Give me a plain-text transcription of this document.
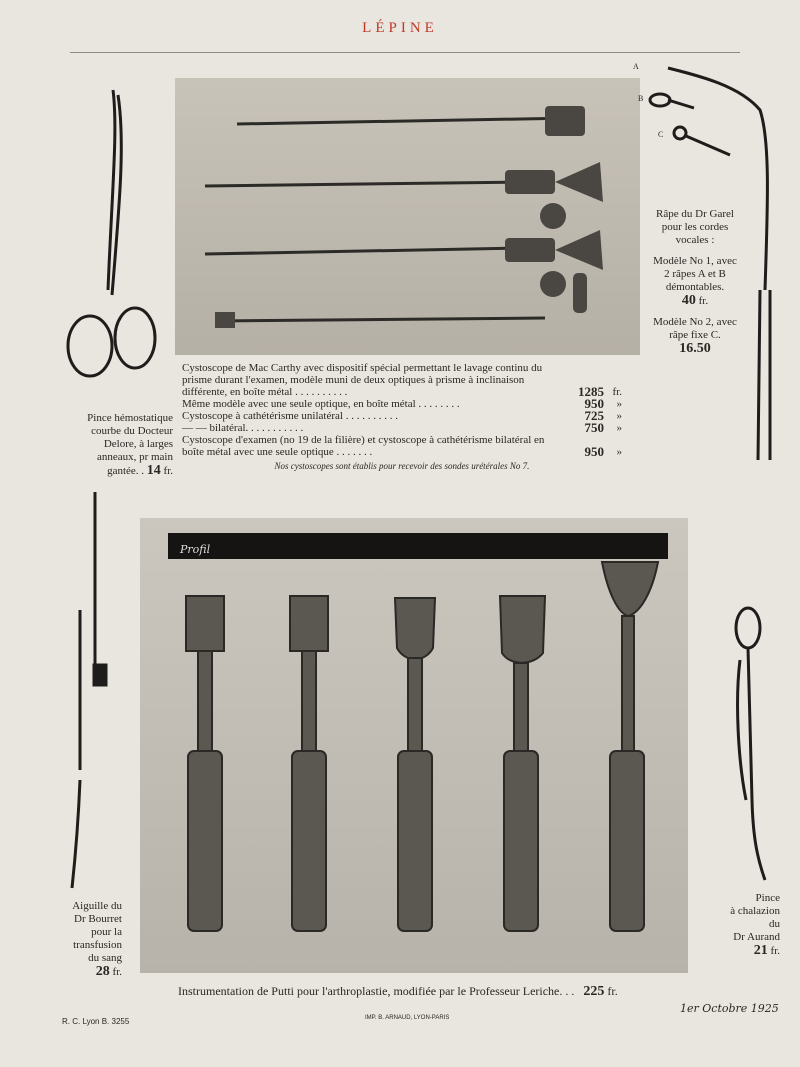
LÉPINE
Pince hémostatique
courbe du Docteur
Delore, à larges
anneaux, pr main
gantée. . 14 fr.
Râpe du Dr Garel
pour les cordes
vocales :
Modèle No 1, avec
2 râpes A et B
démontables.
40 fr.
Modèle No 2, avec
râpe fixe C.
16.50
A
B
C
Cystoscope de Mac Carthy avec dispositif spécial permettant le lavage continu du prisme durant l'examen, modèle muni de deux optiques à prisme à inclinaison différente, en boîte métal . . . . . . . . . .	1285 fr.
Même modèle avec une seule optique, en boîte métal . . . . . . . .	950 »
Cystoscope à cathétérisme unilatéral . . . . . . . . . .	725 »
— — bilatéral. . . . . . . . . . .	750 »
Cystoscope d'examen (no 19 de la filière) et cystoscope à cathétérisme bilatéral en boîte métal avec une seule optique . . . . . . .	950 »
Nos cystoscopes sont établis pour recevoir des sondes urétérales No 7.
Profil
Aiguille du
Dr Bourret
pour la
transfusion
du sang
28 fr.
Pince
à chalazion
du
Dr Aurand
21 fr.
Instrumentation de Putti pour l'arthroplastie, modifiée par le Professeur Leriche. . . 225 fr.
R. C. Lyon B. 3255	IMP. B. ARNAUD, LYON-PARIS
1er Octobre 1925
